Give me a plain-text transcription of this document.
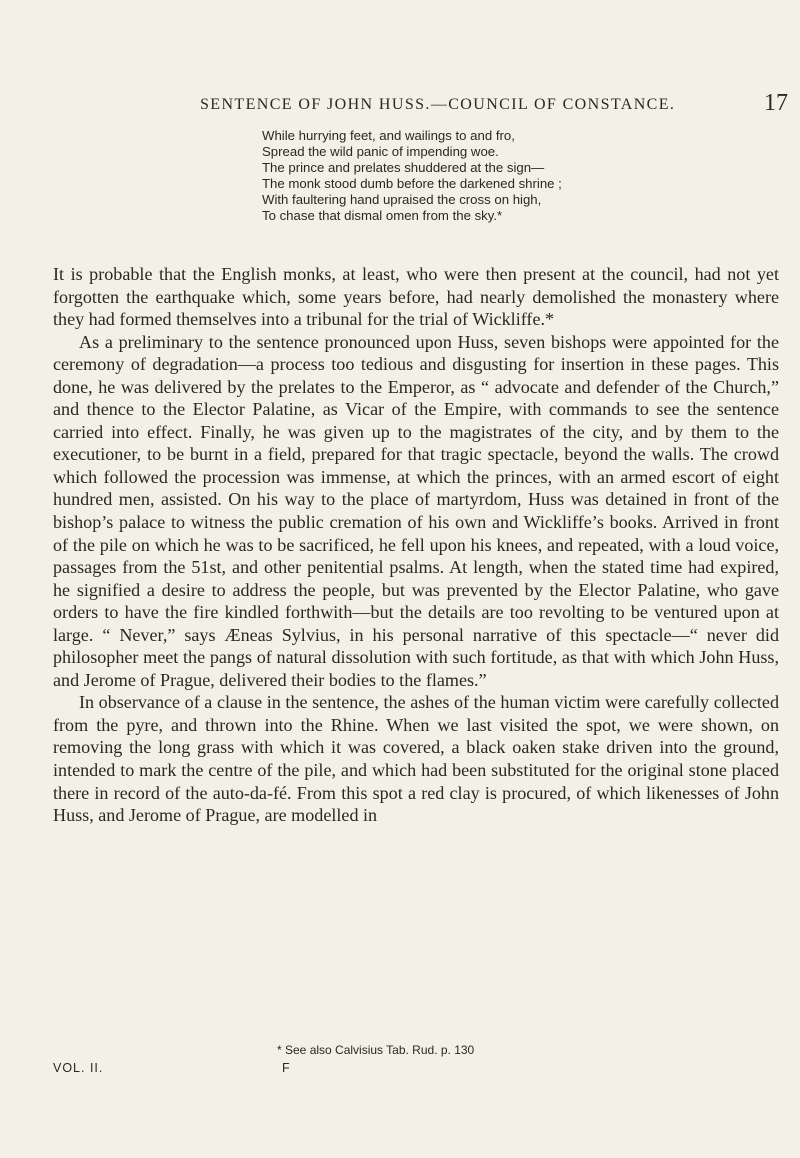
SENTENCE OF JOHN HUSS.—COUNCIL OF CONSTANCE.	17
While hurrying feet, and wailings to and fro,
Spread the wild panic of impending woe.
The prince and prelates shuddered at the sign—
The monk stood dumb before the darkened shrine ;
With faultering hand upraised the cross on high,
To chase that dismal omen from the sky.*

It is probable that the English monks, at least, who were then present at the council, had not yet forgotten the earthquake which, some years before, had nearly demolished the monastery where they had formed themselves into a tribunal for the trial of Wickliffe.*

As a preliminary to the sentence pronounced upon Huss, seven bishops were appointed for the ceremony of degradation—a process too tedious and disgusting for insertion in these pages. This done, he was delivered by the prelates to the Emperor, as “ advocate and defender of the Church,” and thence to the Elector Palatine, as Vicar of the Empire, with commands to see the sentence carried into effect. Finally, he was given up to the magistrates of the city, and by them to the executioner, to be burnt in a field, prepared for that tragic spectacle, beyond the walls. The crowd which followed the procession was immense, at which the princes, with an armed escort of eight hundred men, assisted. On his way to the place of martyrdom, Huss was detained in front of the bishop’s palace to witness the public cremation of his own and Wickliffe’s books. Arrived in front of the pile on which he was to be sacrificed, he fell upon his knees, and repeated, with a loud voice, passages from the 51st, and other penitential psalms. At length, when the stated time had expired, he signified a desire to address the people, but was prevented by the Elector Palatine, who gave orders to have the fire kindled forthwith—but the details are too revolting to be ventured upon at large. “ Never,” says Æneas Sylvius, in his personal narrative of this spectacle—“ never did philosopher meet the pangs of natural dissolution with such fortitude, as that with which John Huss, and Jerome of Prague, delivered their bodies to the flames.”

In observance of a clause in the sentence, the ashes of the human victim were carefully collected from the pyre, and thrown into the Rhine. When we last visited the spot, we were shown, on removing the long grass with which it was covered, a black oaken stake driven into the ground, intended to mark the centre of the pile, and which had been substituted for the original stone placed there in record of the auto-da-fé. From this spot a red clay is procured, of which likenesses of John Huss, and Jerome of Prague, are modelled in

* See also Calvisius Tab. Rud. p. 130
VOL. II.	F
